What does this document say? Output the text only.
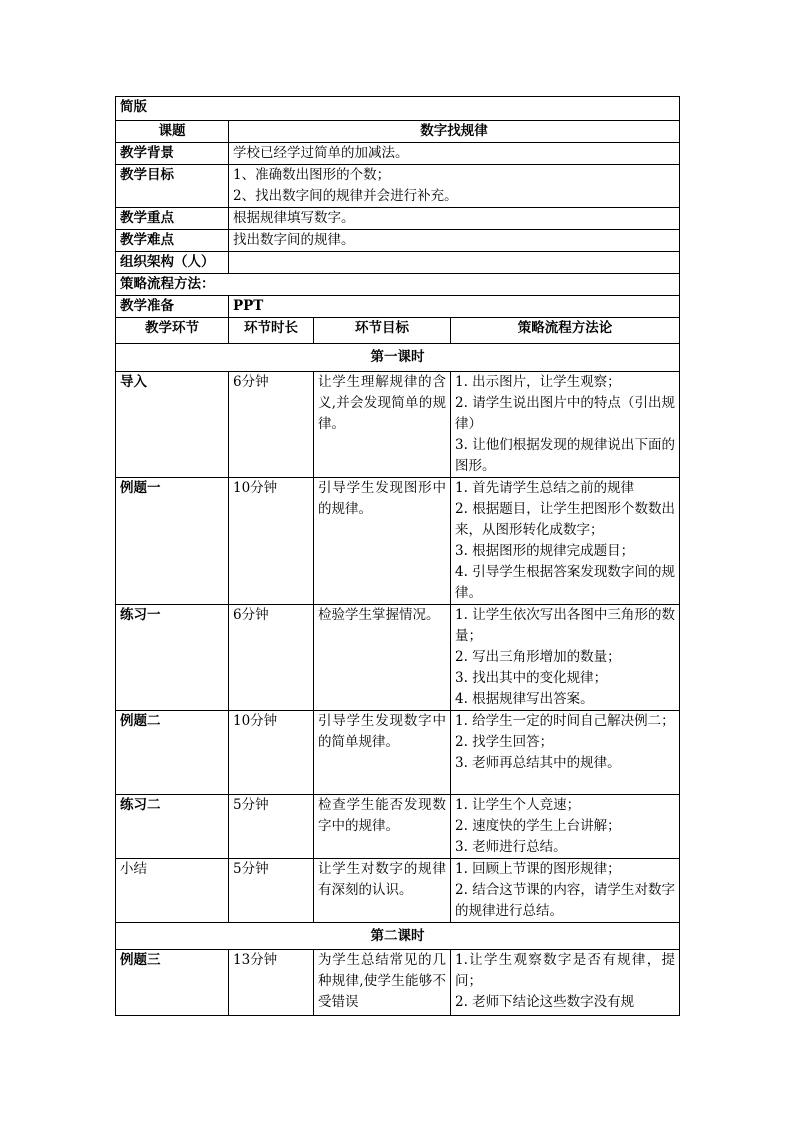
简版			
课题	数字找规律		
教学背景	学校已经学过简单的加减法。		
教学目标	1、准确数出图形的个数；
2、找出数字间的规律并会进行补充。		

教学重点	根据规律填写数字。		
教学难点	找出数字间的规律。		
组织架构（人）			
策略流程方法：			
教学准备	PPT		
教学环节	环节时长	环节目标	策略流程方法论
第一课时			
导入	6分钟	让学生理解规律的含义,并会发现简单的规律。	1. 出示图片，让学生观察；
2. 请学生说出图片中的特点（引出规律）
3. 让他们根据发现的规律说出下面的图形。

例题一	10分钟	引导学生发现图形中的规律。	1. 首先请学生总结之前的规律
2. 根据题目，让学生把图形个数数出来，从图形转化成数字；
3. 根据图形的规律完成题目；
4. 引导学生根据答案发现数字间的规律。

练习一	6分钟	检验学生掌握情况。	1. 让学生依次写出各图中三角形的数量；
2. 写出三角形增加的数量；
3. 找出其中的变化规律；
4. 根据规律写出答案。

例题二	10分钟	引导学生发现数字中的简单规律。	1. 给学生一定的时间自己解决例二；
2. 找学生回答；
3. 老师再总结其中的规律。

练习二	5分钟	检查学生能否发现数字中的规律。	1. 让学生个人竞速；
2. 速度快的学生上台讲解；
3. 老师进行总结。

小结	5分钟	让学生对数字的规律有深刻的认识。	1. 回顾上节课的图形规律；
2. 结合这节课的内容，请学生对数字的规律进行总结。

第二课时			
例题三	13分钟	为学生总结常见的几种规律,使学生能够不受错误	1.让学生观察数字是否有规律，提问；
2. 老师下结论这些数字没有规
